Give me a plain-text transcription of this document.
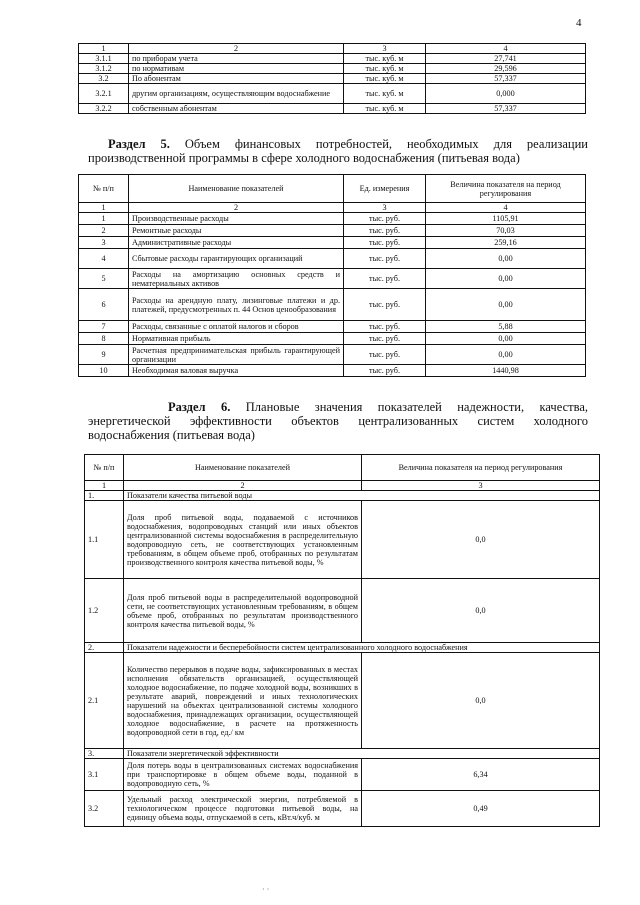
4
1	2	3	4
3.1.1	по приборам учета	тыс. куб. м	27,741
3.1.2	по нормативам	тыс. куб. м	29,596
3.2	По абонентам	тыс. куб. м	57,337
3.2.1	другим организациям, осуществляющим водоснабжение	тыс. куб. м	0,000
3.2.2	собственным абонентам	тыс. куб. м	57,337
Раздел 5. Объем финансовых потребностей, необходимых для реализации производственной программы в сфере холодного водоснабжения (питьевая вода)
№ п/п	Наименование показателей	Ед. измерения	Величина показателя на период регулирования
1	2	3	4
1	Производственные расходы	тыс. руб.	1105,91
2	Ремонтные расходы	тыс. руб.	70,03
3	Административные расходы	тыс. руб.	259,16
4	Сбытовые расходы гарантирующих организаций	тыс. руб.	0,00
5	Расходы на амортизацию основных средств и нематериальных активов	тыс. руб.	0,00
6	Расходы на арендную плату, лизинговые платежи и др. платежей, предусмотренных п. 44 Основ ценообразования	тыс. руб.	0,00
7	Расходы, связанные с оплатой налогов и сборов	тыс. руб.	5,88
8	Нормативная прибыль	тыс. руб.	0,00
9	Расчетная предпринимательская прибыль гарантирующей организации	тыс. руб.	0,00
10	Необходимая валовая выручка	тыс. руб.	1440,98
Раздел 6. Плановые значения показателей надежности, качества, энергетической эффективности объектов централизованных систем холодного водоснабжения (питьевая вода)
№ п/п	Наименование показателей	Величина показателя на период регулирования
1	2	3
1.	Показатели качества питьевой воды	
1.1	Доля проб питьевой воды, подаваемой с источников водоснабжения, водопроводных станций или иных объектов централизованной системы водоснабжения в распределительную водопроводную сеть, не соответствующих установленным требованиям, в общем объеме проб, отобранных по результатам производственного контроля качества питьевой воды, %	0,0
1.2	Доля проб питьевой воды в распределительной водопроводной сети, не соответствующих установленным требованиям, в общем объеме проб, отобранных по результатам производственного контроля качества питьевой воды, %	0,0
2.	Показатели надежности и бесперебойности систем централизованного холодного водоснабжения	
2.1	Количество перерывов в подаче воды, зафиксированных в местах исполнения обязательств организацией, осуществляющей холодное водоснабжение, по подаче холодной воды, возникших в результате аварий, повреждений и иных технологических нарушений на объектах централизованной системы холодного водоснабжения, принадлежащих организации, осуществляющей холодное водоснабжение, в расчете на протяженность водопроводной сети в год, ед./ км	0,0
3.	Показатели энергетической эффективности	
3.1	Доля потерь воды в централизованных системах водоснабжения при транспортировке в общем объеме воды, поданной в водопроводную сеть, %	6,34
3.2	Удельный расход электрической энергии, потребляемой в технологическом процессе подготовки питьевой воды, на единицу объема воды, отпускаемой в сеть, кВт.ч/куб. м	0,49
· ·
